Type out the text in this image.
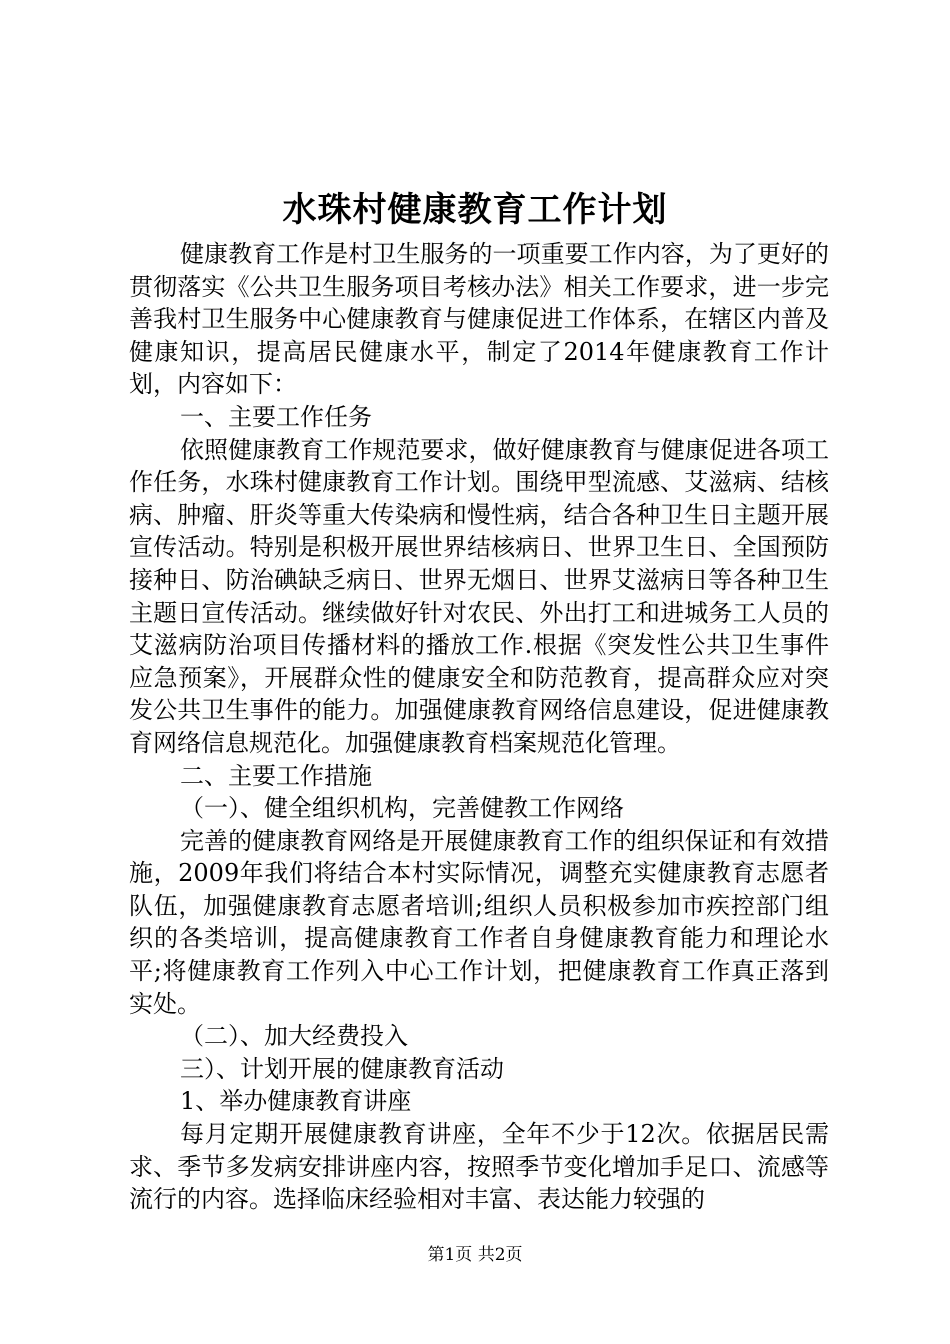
水珠村健康教育工作计划

健康教育工作是村卫生服务的一项重要工作内容，为了更好的贯彻落实《公共卫生服务项目考核办法》相关工作要求，进一步完善我村卫生服务中心健康教育与健康促进工作体系，在辖区内普及健康知识，提高居民健康水平，制定了2014年健康教育工作计划，内容如下：

一、主要工作任务

依照健康教育工作规范要求，做好健康教育与健康促进各项工作任务，水珠村健康教育工作计划。围绕甲型流感、艾滋病、结核病、肿瘤、肝炎等重大传染病和慢性病，结合各种卫生日主题开展宣传活动。特别是积极开展世界结核病日、世界卫生日、全国预防接种日、防治碘缺乏病日、世界无烟日、世界艾滋病日等各种卫生主题日宣传活动。继续做好针对农民、外出打工和进城务工人员的艾滋病防治项目传播材料的播放工作.根据《突发性公共卫生事件应急预案》，开展群众性的健康安全和防范教育，提高群众应对突发公共卫生事件的能力。加强健康教育网络信息建设，促进健康教育网络信息规范化。加强健康教育档案规范化管理。

二、主要工作措施

（一）、健全组织机构，完善健教工作网络

完善的健康教育网络是开展健康教育工作的组织保证和有效措施，2009年我们将结合本村实际情况，调整充实健康教育志愿者队伍，加强健康教育志愿者培训;组织人员积极参加市疾控部门组织的各类培训，提高健康教育工作者自身健康教育能力和理论水平;将健康教育工作列入中心工作计划，把健康教育工作真正落到实处。

（二）、加大经费投入

三）、计划开展的健康教育活动

1、举办健康教育讲座

每月定期开展健康教育讲座，全年不少于12次。依据居民需求、季节多发病安排讲座内容，按照季节变化增加手足口、流感等流行的内容。选择临床经验相对丰富、表达能力较强的

第1页 共2页
